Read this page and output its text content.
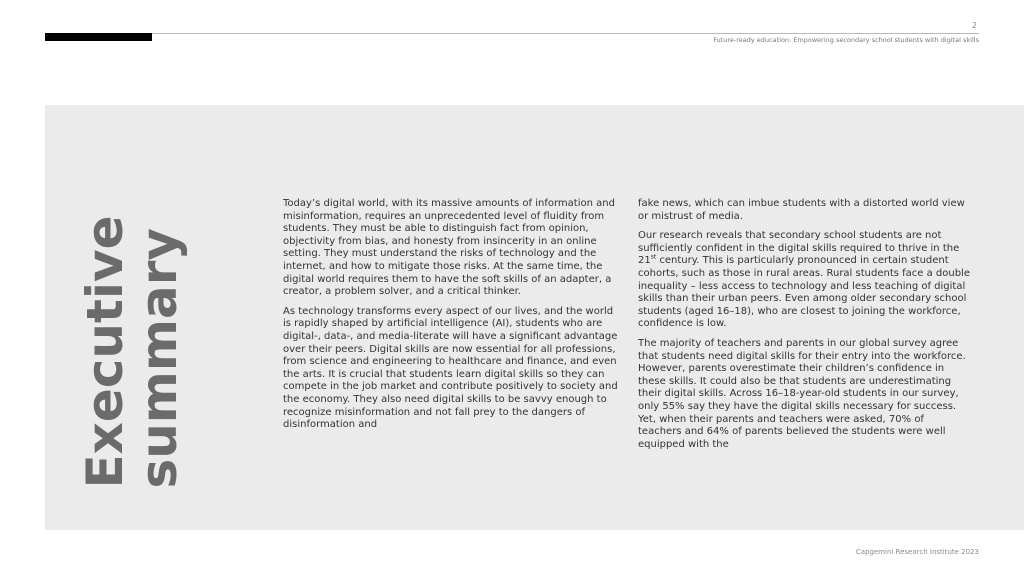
2
Future-ready education: Empowering secondary school students with digital skills
Executive
summary

Today’s digital world, with its massive amounts of information and misinformation, requires an unprecedented level of fluidity from students. They must be able to distinguish fact from opinion, objectivity from bias, and honesty from insincerity in an online setting. They must understand the risks of technology and the internet, and how to mitigate those risks. At the same time, the digital world requires them to have the soft skills of an adapter, a creator, a problem solver, and a critical thinker.

As technology transforms every aspect of our lives, and the world is rapidly shaped by artificial intelligence (AI), students who are digital-, data-, and media-literate will have a significant advantage over their peers. Digital skills are now essential for all professions, from science and engineering to healthcare and finance, and even the arts. It is crucial that students learn digital skills so they can compete in the job market and contribute positively to society and the economy. They also need digital skills to be savvy enough to recognize misinformation and not fall prey to the dangers of disinformation and

fake news, which can imbue students with a distorted world view or mistrust of media.

Our research reveals that secondary school students are not sufficiently confident in the digital skills required to thrive in the 21st century. This is particularly pronounced in certain student cohorts, such as those in rural areas. Rural students face a double inequality – less access to technology and less teaching of digital skills than their urban peers. Even among older secondary school students (aged 16–18), who are closest to joining the workforce, confidence is low.

The majority of teachers and parents in our global survey agree that students need digital skills for their entry into the workforce. However, parents overestimate their children’s confidence in these skills. It could also be that students are underestimating their digital skills. Across 16–18-year-old students in our survey, only 55% say they have the digital skills necessary for success. Yet, when their parents and teachers were asked, 70% of teachers and 64% of parents believed the students were well equipped with the

Capgemini Research Institute 2023
